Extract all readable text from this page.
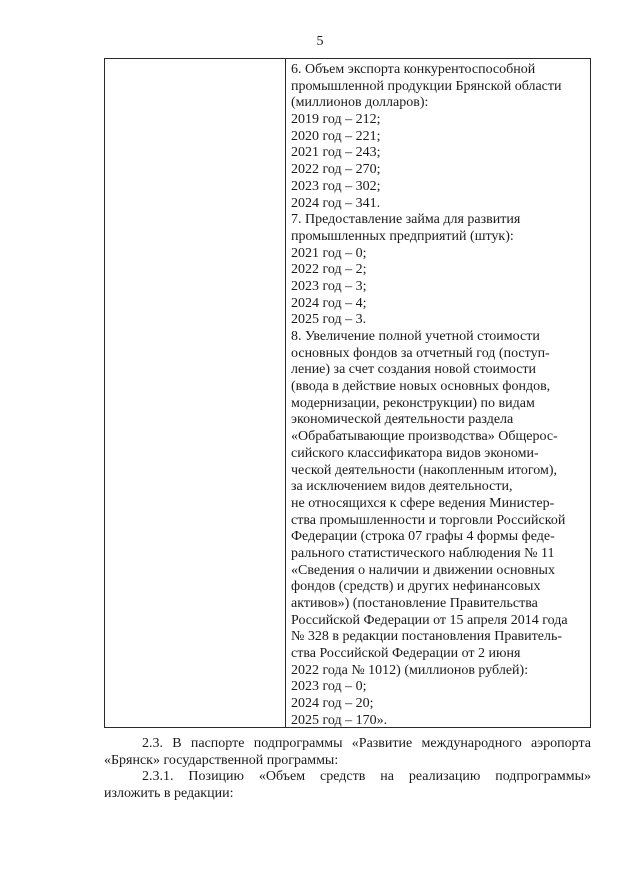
5
6. Объем экспорта конкурентоспособной
промышленной продукции Брянской области
(миллионов долларов):
2019 год – 212;
2020 год – 221;
2021 год – 243;
2022 год – 270;
2023 год – 302;
2024 год – 341.
7. Предоставление займа для развития
промышленных предприятий (штук):
2021 год – 0;
2022 год – 2;
2023 год – 3;
2024 год – 4;
2025 год – 3.
8. Увеличение полной учетной стоимости
основных фондов за отчетный год (поступ-
ление) за счет создания новой стоимости
(ввода в действие новых основных фондов,
модернизации, реконструкции) по видам
экономической деятельности раздела
«Обрабатывающие производства» Общерос-
сийского классификатора видов экономи-
ческой деятельности (накопленным итогом),
за исключением видов деятельности,
не относящихся к сфере ведения Министер-
ства промышленности и торговли Российской
Федерации (строка 07 графы 4 формы феде-
рального статистического наблюдения № 11
«Сведения о наличии и движении основных
фондов (средств) и других нефинансовых
активов») (постановление Правительства
Российской Федерации от 15 апреля 2014 года
№ 328 в редакции постановления Правитель-
ства Российской Федерации от 2 июня
2022 года № 1012) (миллионов рублей):
2023 год – 0;
2024 год – 20;
2025 год – 170».
2.3. В паспорте подпрограммы «Развитие международного аэропорта
«Брянск» государственной программы:
2.3.1. Позицию «Объем средств на реализацию подпрограммы»
изложить в редакции:
